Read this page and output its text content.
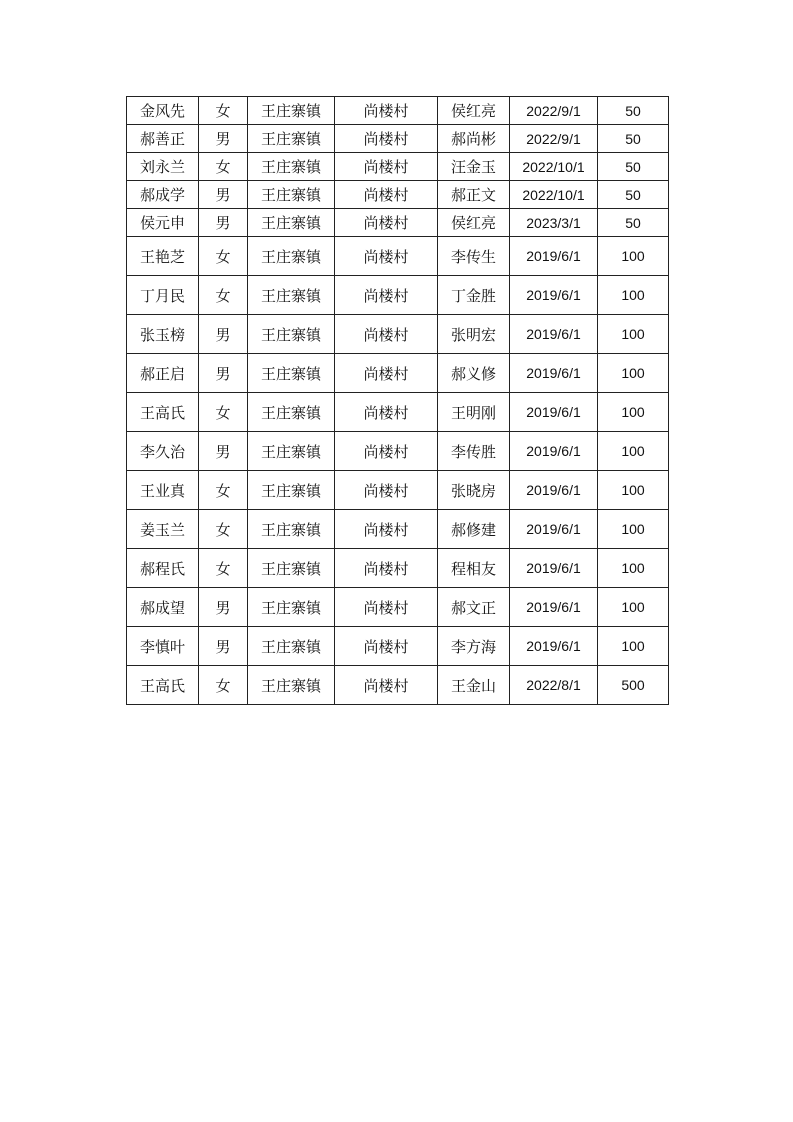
金风先	女	王庄寨镇	尚楼村	侯红亮	2022/9/1	50
郝善正	男	王庄寨镇	尚楼村	郝尚彬	2022/9/1	50
刘永兰	女	王庄寨镇	尚楼村	汪金玉	2022/10/1	50
郝成学	男	王庄寨镇	尚楼村	郝正文	2022/10/1	50
侯元申	男	王庄寨镇	尚楼村	侯红亮	2023/3/1	50
王艳芝	女	王庄寨镇	尚楼村	李传生	2019/6/1	100
丁月民	女	王庄寨镇	尚楼村	丁金胜	2019/6/1	100
张玉榜	男	王庄寨镇	尚楼村	张明宏	2019/6/1	100
郝正启	男	王庄寨镇	尚楼村	郝义修	2019/6/1	100
王高氏	女	王庄寨镇	尚楼村	王明刚	2019/6/1	100
李久治	男	王庄寨镇	尚楼村	李传胜	2019/6/1	100
王业真	女	王庄寨镇	尚楼村	张晓房	2019/6/1	100
姜玉兰	女	王庄寨镇	尚楼村	郝修建	2019/6/1	100
郝程氏	女	王庄寨镇	尚楼村	程相友	2019/6/1	100
郝成望	男	王庄寨镇	尚楼村	郝文正	2019/6/1	100
李慎叶	男	王庄寨镇	尚楼村	李方海	2019/6/1	100
王高氏	女	王庄寨镇	尚楼村	王金山	2022/8/1	500
